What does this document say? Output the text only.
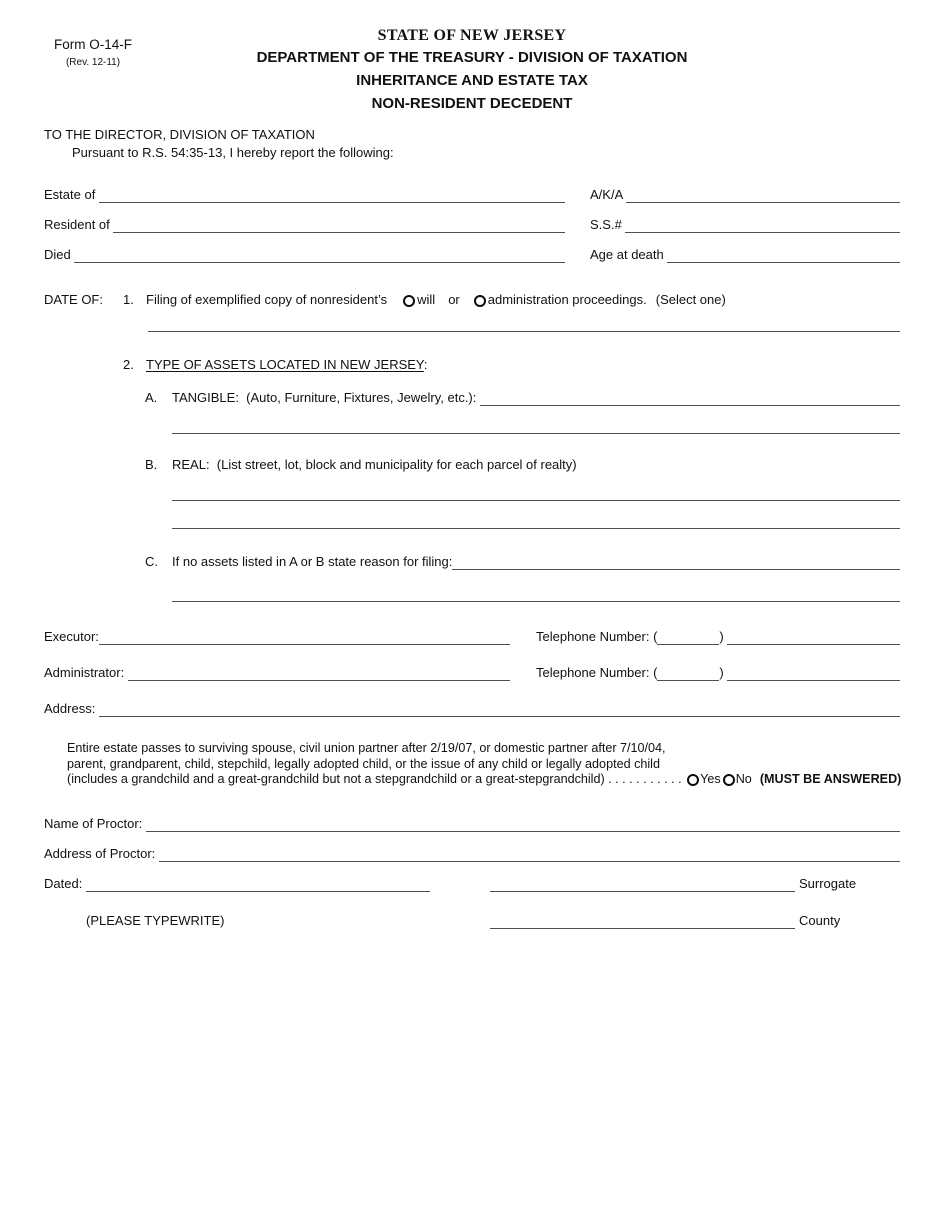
Form O-14-F
(Rev. 12-11)
STATE OF NEW JERSEY
DEPARTMENT OF THE TREASURY - DIVISION OF TAXATION
INHERITANCE AND ESTATE TAX
NON-RESIDENT DECEDENT
TO THE DIRECTOR, DIVISION OF TAXATION
Pursuant to R.S. 54:35-13, I hereby report the following:
Estate of	A/K/A
Resident of	S.S.#
Died	Age at death
DATE OF:	1. Filing of exemplified copy of nonresident’s will	or administration proceedings. (Select one)
2. TYPE OF ASSETS LOCATED IN NEW JERSEY:
A.	TANGIBLE:  (Auto, Furniture, Fixtures, Jewelry, etc.):
B.	REAL:  (List street, lot, block and municipality for each parcel of realty)
C.	If no assets listed in A or B state reason for filing:
Executor:	Telephone Number: (	)
Administrator:	Telephone Number: (	)
Address:
Entire estate passes to surviving spouse, civil union partner after 2/19/07, or domestic partner after 7/10/04,
parent, grandparent, child, stepchild, legally adopted child, or the issue of any child or legally adopted child
(includes a grandchild and a great-grandchild but not a stepgrandchild or a great-stepgrandchild) . . . . . . . . . . . Yes No (MUST BE ANSWERED)
Name of Proctor:
Address of Proctor:
Dated:	Surrogate
(PLEASE TYPEWRITE)	County
